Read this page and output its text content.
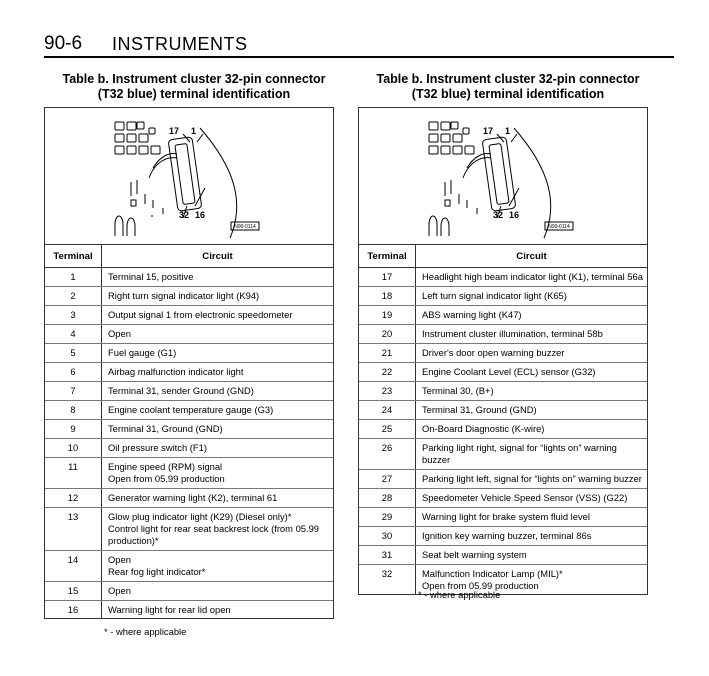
90-6 INSTRUMENTS
Table b. Instrument cluster 32-pin connector
(T32 blue) terminal identification
17 1
32 16
N90-0114
Terminal	Circuit
1	Terminal 15, positive

2	Right turn signal indicator light (K94)

3	Output signal 1 from electronic speedometer

4	Open

5	Fuel gauge (G1)

6	Airbag malfunction indicator light

7	Terminal 31, sender Ground (GND)

8	Engine coolant temperature gauge (G3)

9	Terminal 31, Ground (GND)

10	Oil pressure switch (F1)

11	Engine speed (RPM) signal
Open from 05.99 production

12	Generator warning light (K2), terminal 61

13	Glow plug indicator light (K29) (Diesel only)*
Control light for rear seat backrest lock (from 05.99 production)*

14	Open
Rear fog light indicator*

15	Open

16	Warning light for rear lid open
* - where applicable
Table b. Instrument cluster 32-pin connector
(T32 blue) terminal identification
17 1
32 16
N90-0114
Terminal	Circuit
17	Headlight high beam indicator light (K1), terminal 56a

18	Left turn signal indicator light (K65)

19	ABS warning light (K47)

20	Instrument cluster illumination, terminal 58b

21	Driver's door open warning buzzer

22	Engine Coolant Level (ECL) sensor (G32)

23	Terminal 30, (B+)

24	Terminal 31, Ground (GND)

25	On-Board Diagnostic (K-wire)

26	Parking light right, signal for “lights on” warning buzzer

27	Parking light left, signal for “lights on” warning buzzer

28	Speedometer Vehicle Speed Sensor (VSS) (G22)

29	Warning light for brake system fluid level

30	Ignition key warning buzzer, terminal 86s

31	Seat belt warning system

32	Malfunction Indicator Lamp (MIL)*
Open from 05.99 production
* - where applicable
